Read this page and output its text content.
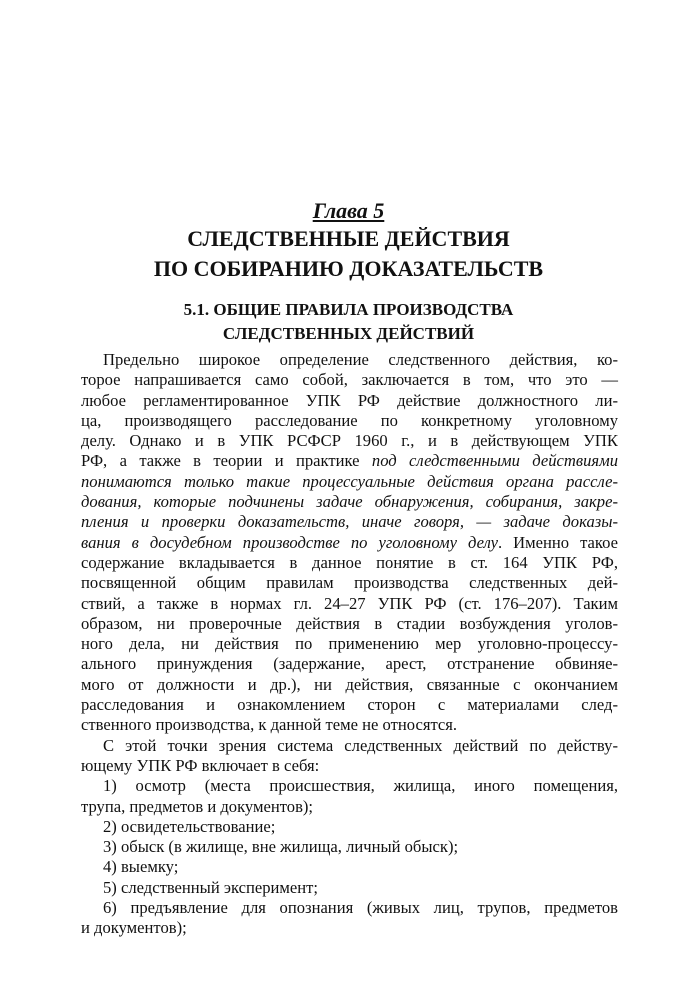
Глава 5
СЛЕДСТВЕННЫЕ ДЕЙСТВИЯ
ПО СОБИРАНИЮ ДОКАЗАТЕЛЬСТВ
5.1. ОБЩИЕ ПРАВИЛА ПРОИЗВОДСТВА
СЛЕДСТВЕННЫХ ДЕЙСТВИЙ
Предельно широкое определение следственного действия, ко-
торое напрашивается само собой, заключается в том, что это —
любое регламентированное УПК РФ действие должностного ли-
ца, производящего расследование по конкретному уголовному
делу. Однако и в УПК РСФСР 1960 г., и в действующем УПК
РФ, а также в теории и практике под следственными действиями
понимаются только такие процессуальные действия органа рассле-
дования, которые подчинены задаче обнаружения, собирания, закре-
пления и проверки доказательств, иначе говоря, — задаче доказы-
вания в досудебном производстве по уголовному делу. Именно такое
содержание вкладывается в данное понятие в ст. 164 УПК РФ,
посвященной общим правилам производства следственных дей-
ствий, а также в нормах гл. 24–27 УПК РФ (ст. 176–207). Таким
образом, ни проверочные действия в стадии возбуждения уголов-
ного дела, ни действия по применению мер уголовно-процессу-
ального принуждения (задержание, арест, отстранение обвиняе-
мого от должности и др.), ни действия, связанные с окончанием
расследования и ознакомлением сторон с материалами след-
ственного производства, к данной теме не относятся.
С этой точки зрения система следственных действий по действу-
ющему УПК РФ включает в себя:
1) осмотр (места происшествия, жилища, иного помещения,
трупа, предметов и документов);
2) освидетельствование;
3) обыск (в жилище, вне жилища, личный обыск);
4) выемку;
5) следственный эксперимент;
6) предъявление для опознания (живых лиц, трупов, предметов
и документов);
